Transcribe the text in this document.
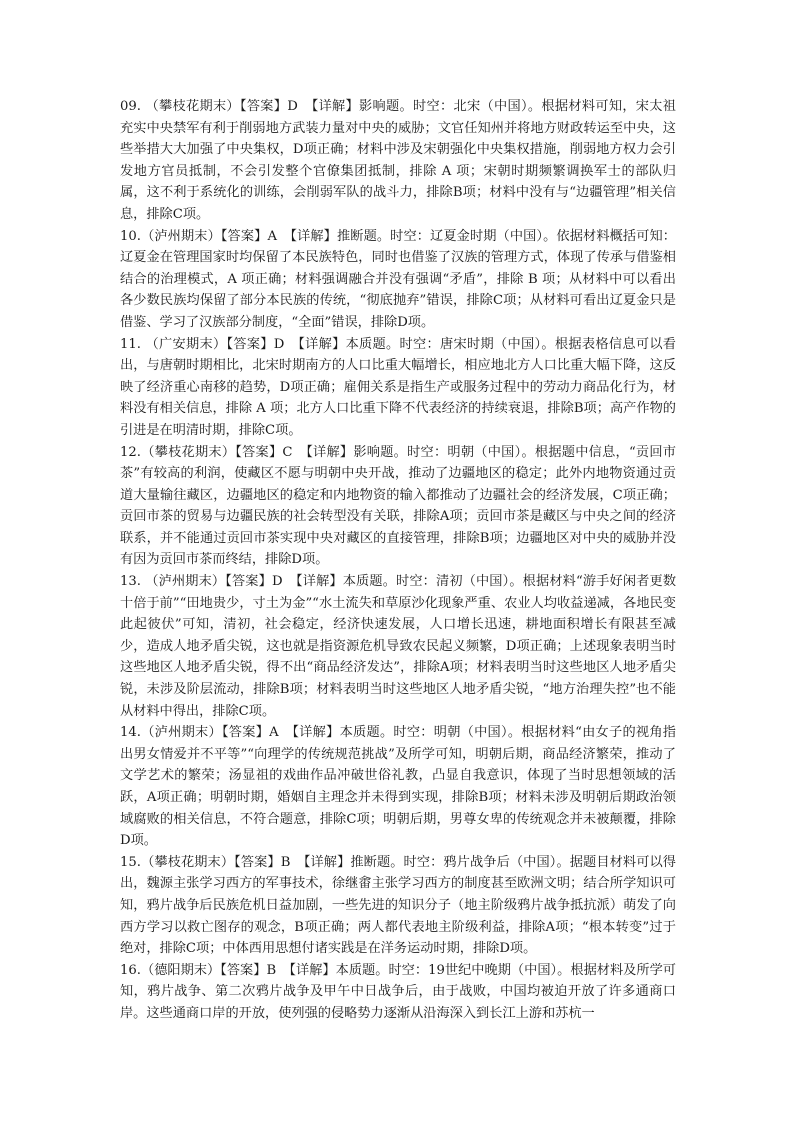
09. （攀枝花期末）【答案】D　【详解】影响题。时空：北宋（中国）。根据材料可知，宋太祖充实中央禁军有利于削弱地方武装力量对中央的威胁；文官任知州并将地方财政转运至中央，这些举措大大加强了中央集权，D项正确；材料中涉及宋朝强化中央集权措施，削弱地方权力会引发地方官员抵制，不会引发整个官僚集团抵制，排除 A 项；宋朝时期频繁调换军士的部队归属，这不利于系统化的训练，会削弱军队的战斗力，排除B项；材料中没有与“边疆管理”相关信息，排除C项。

10.（泸州期末）【答案】A　【详解】推断题。时空：辽夏金时期（中国）。依据材料概括可知：辽夏金在管理国家时均保留了本民族特色，同时也借鉴了汉族的管理方式，体现了传承与借鉴相结合的治理模式，A 项正确；材料强调融合并没有强调“矛盾”，排除 B 项；从材料中可以看出各少数民族均保留了部分本民族的传统，“彻底抛弃”错误，排除C项；从材料可看出辽夏金只是借鉴、学习了汉族部分制度，“全面”错误，排除D项。

11. （广安期末）【答案】D　【详解】本质题。时空：唐宋时期（中国）。根据表格信息可以看出，与唐朝时期相比，北宋时期南方的人口比重大幅增长，相应地北方人口比重大幅下降，这反映了经济重心南移的趋势，D项正确；雇佣关系是指生产或服务过程中的劳动力商品化行为，材料没有相关信息，排除 A 项；北方人口比重下降不代表经济的持续衰退，排除B项；高产作物的引进是在明清时期，排除C项。

12.（攀枝花期末）【答案】C　【详解】影响题。时空：明朝（中国）。根据题中信息，“贡回市茶”有较高的利润，使藏区不愿与明朝中央开战，推动了边疆地区的稳定；此外内地物资通过贡道大量输往藏区，边疆地区的稳定和内地物资的输入都推动了边疆社会的经济发展，C项正确；贡回市茶的贸易与边疆民族的社会转型没有关联，排除A项；贡回市茶是藏区与中央之间的经济联系，并不能通过贡回市茶实现中央对藏区的直接管理，排除B项；边疆地区对中央的威胁并没有因为贡回市茶而终结，排除D项。

13. （泸州期末）【答案】D　【详解】本质题。时空：清初（中国）。根据材料“游手好闲者更数十倍于前”“田地贵少，寸土为金”“水土流失和草原沙化现象严重、农业人均收益递减，各地民变此起彼伏”可知，清初，社会稳定，经济快速发展，人口增长迅速，耕地面积增长有限甚至减少，造成人地矛盾尖锐，这也就是指资源危机导致农民起义频繁，D项正确；上述现象表明当时这些地区人地矛盾尖锐，得不出“商品经济发达”，排除A项；材料表明当时这些地区人地矛盾尖锐，未涉及阶层流动，排除B项；材料表明当时这些地区人地矛盾尖锐，“地方治理失控”也不能从材料中得出，排除C项。

14.（泸州期末）【答案】A　【详解】本质题。时空：明朝（中国）。根据材料“由女子的视角指出男女情爱并不平等”“向理学的传统规范挑战”及所学可知，明朝后期，商品经济繁荣，推动了文学艺术的繁荣；汤显祖的戏曲作品冲破世俗礼教，凸显自我意识，体现了当时思想领域的活跃，A项正确；明朝时期，婚姻自主理念并未得到实现，排除B项；材料未涉及明朝后期政治领域腐败的相关信息，不符合题意，排除C项；明朝后期，男尊女卑的传统观念并未被颠覆，排除D项。

15.（攀枝花期末）【答案】B　【详解】推断题。时空：鸦片战争后（中国）。据题目材料可以得出，魏源主张学习西方的军事技术，徐继畬主张学习西方的制度甚至欧洲文明；结合所学知识可知，鸦片战争后民族危机日益加剧，一些先进的知识分子（地主阶级鸦片战争抵抗派）萌发了向西方学习以救亡图存的观念，B项正确；两人都代表地主阶级利益，排除A项；“根本转变”过于绝对，排除C项；中体西用思想付诸实践是在洋务运动时期，排除D项。

16.（德阳期末）【答案】B　【详解】本质题。时空：19世纪中晚期（中国）。根据材料及所学可知，鸦片战争、第二次鸦片战争及甲午中日战争后，由于战败，中国均被迫开放了许多通商口岸。这些通商口岸的开放，使列强的侵略势力逐渐从沿海深入到长江上游和苏杭一
